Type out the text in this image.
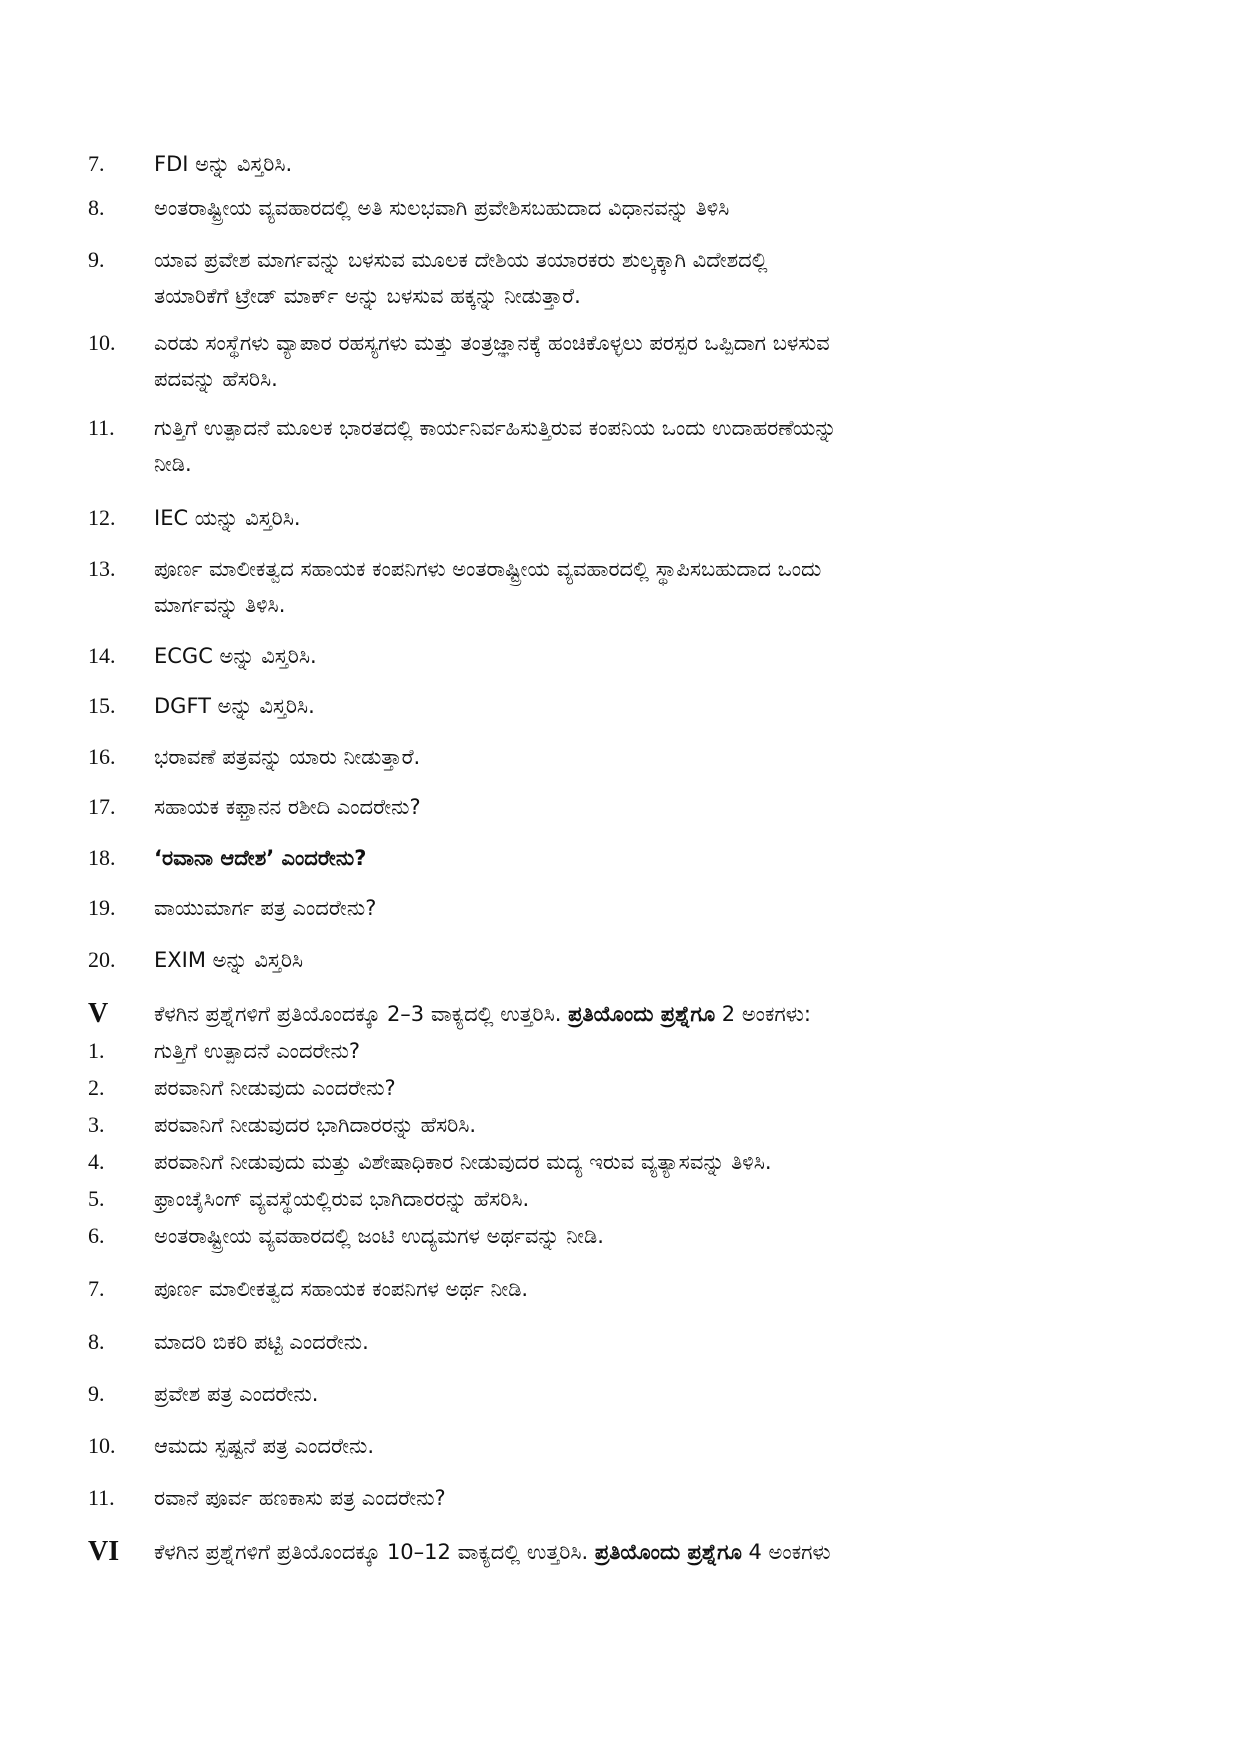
7. FDI ಅನ್ನು ವಿಸ್ತರಿಸಿ.
8. ಅಂತರಾಷ್ಟ್ರೀಯ ವ್ಯವಹಾರದಲ್ಲಿ ಅತಿ ಸುಲಭವಾಗಿ ಪ್ರವೇಶಿಸಬಹುದಾದ ವಿಧಾನವನ್ನು ತಿಳಿಸಿ
9. ಯಾವ ಪ್ರವೇಶ ಮಾರ್ಗವನ್ನು ಬಳಸುವ ಮೂಲಕ ದೇಶಿಯ ತಯಾರಕರು ಶುಲ್ಕಕ್ಕಾಗಿ ವಿದೇಶದಲ್ಲಿ
ತಯಾರಿಕೆಗೆ ಟ್ರೇಡ್ ಮಾರ್ಕ್ ಅನ್ನು ಬಳಸುವ ಹಕ್ಕನ್ನು ನೀಡುತ್ತಾರೆ.
10. ಎರಡು ಸಂಸ್ಥೆಗಳು ವ್ಯಾಪಾರ ರಹಸ್ಯಗಳು ಮತ್ತು ತಂತ್ರಜ್ಞಾನಕ್ಕೆ ಹಂಚಿಕೊಳ್ಳಲು ಪರಸ್ಪರ ಒಪ್ಪಿದಾಗ ಬಳಸುವ
ಪದವನ್ನು ಹೆಸರಿಸಿ.
11. ಗುತ್ತಿಗೆ ಉತ್ಪಾದನೆ ಮೂಲಕ ಭಾರತದಲ್ಲಿ ಕಾರ್ಯನಿರ್ವಹಿಸುತ್ತಿರುವ ಕಂಪನಿಯ ಒಂದು ಉದಾಹರಣೆಯನ್ನು
ನೀಡಿ.
12. IEC ಯನ್ನು ವಿಸ್ತರಿಸಿ.
13. ಪೂರ್ಣ ಮಾಲೀಕತ್ವದ ಸಹಾಯಕ ಕಂಪನಿಗಳು ಅಂತರಾಷ್ಟ್ರೀಯ ವ್ಯವಹಾರದಲ್ಲಿ ಸ್ಥಾಪಿಸಬಹುದಾದ ಒಂದು
ಮಾರ್ಗವನ್ನು ತಿಳಿಸಿ.
14. ECGC ಅನ್ನು ವಿಸ್ತರಿಸಿ.
15. DGFT ಅನ್ನು ವಿಸ್ತರಿಸಿ.
16. ಭರಾವಣೆ ಪತ್ರವನ್ನು ಯಾರು ನೀಡುತ್ತಾರೆ.
17. ಸಹಾಯಕ ಕಫ್ತಾನನ ರಶೀದಿ ಎಂದರೇನು?
18. ‘ರವಾನಾ ಆದೇಶ’ ಎಂದರೇನು?
19. ವಾಯುಮಾರ್ಗ ಪತ್ರ ಎಂದರೇನು?
20. EXIM ಅನ್ನು ವಿಸ್ತರಿಸಿ
V ಕೆಳಗಿನ ಪ್ರಶ್ನೆಗಳಿಗೆ ಪ್ರತಿಯೊಂದಕ್ಕೂ 2–3 ವಾಕ್ಯದಲ್ಲಿ ಉತ್ತರಿಸಿ. ಪ್ರತಿಯೊಂದು ಪ್ರಶ್ನೆಗೂ 2 ಅಂಕಗಳು:
1. ಗುತ್ತಿಗೆ ಉತ್ಪಾದನೆ ಎಂದರೇನು?
2. ಪರವಾನಿಗೆ ನೀಡುವುದು ಎಂದರೇನು?
3. ಪರವಾನಿಗೆ ನೀಡುವುದರ ಭಾಗಿದಾರರನ್ನು ಹೆಸರಿಸಿ.
4. ಪರವಾನಿಗೆ ನೀಡುವುದು ಮತ್ತು ವಿಶೇಷಾಧಿಕಾರ ನೀಡುವುದರ ಮದ್ಯ ಇರುವ ವ್ಯತ್ಯಾಸವನ್ನು ತಿಳಿಸಿ.
5. ಫ್ರಾಂಚೈಸಿಂಗ್ ವ್ಯವಸ್ಥೆಯಲ್ಲಿರುವ ಭಾಗಿದಾರರನ್ನು ಹೆಸರಿಸಿ.
6. ಅಂತರಾಷ್ಟ್ರೀಯ ವ್ಯವಹಾರದಲ್ಲಿ ಜಂಟಿ ಉದ್ಯಮಗಳ ಅರ್ಥವನ್ನು ನೀಡಿ.
7. ಪೂರ್ಣ ಮಾಲೀಕತ್ವದ ಸಹಾಯಕ ಕಂಪನಿಗಳ ಅರ್ಥ ನೀಡಿ.
8. ಮಾದರಿ ಬಿಕರಿ ಪಟ್ಟಿ ಎಂದರೇನು.
9. ಪ್ರವೇಶ ಪತ್ರ ಎಂದರೇನು.
10. ಆಮದು ಸ್ಪಷ್ಟನೆ ಪತ್ರ ಎಂದರೇನು.
11. ರವಾನೆ ಪೂರ್ವ ಹಣಕಾಸು ಪತ್ರ ಎಂದರೇನು?
VI ಕೆಳಗಿನ ಪ್ರಶ್ನೆಗಳಿಗೆ ಪ್ರತಿಯೊಂದಕ್ಕೂ 10–12 ವಾಕ್ಯದಲ್ಲಿ ಉತ್ತರಿಸಿ. ಪ್ರತಿಯೊಂದು ಪ್ರಶ್ನೆಗೂ 4 ಅಂಕಗಳು
